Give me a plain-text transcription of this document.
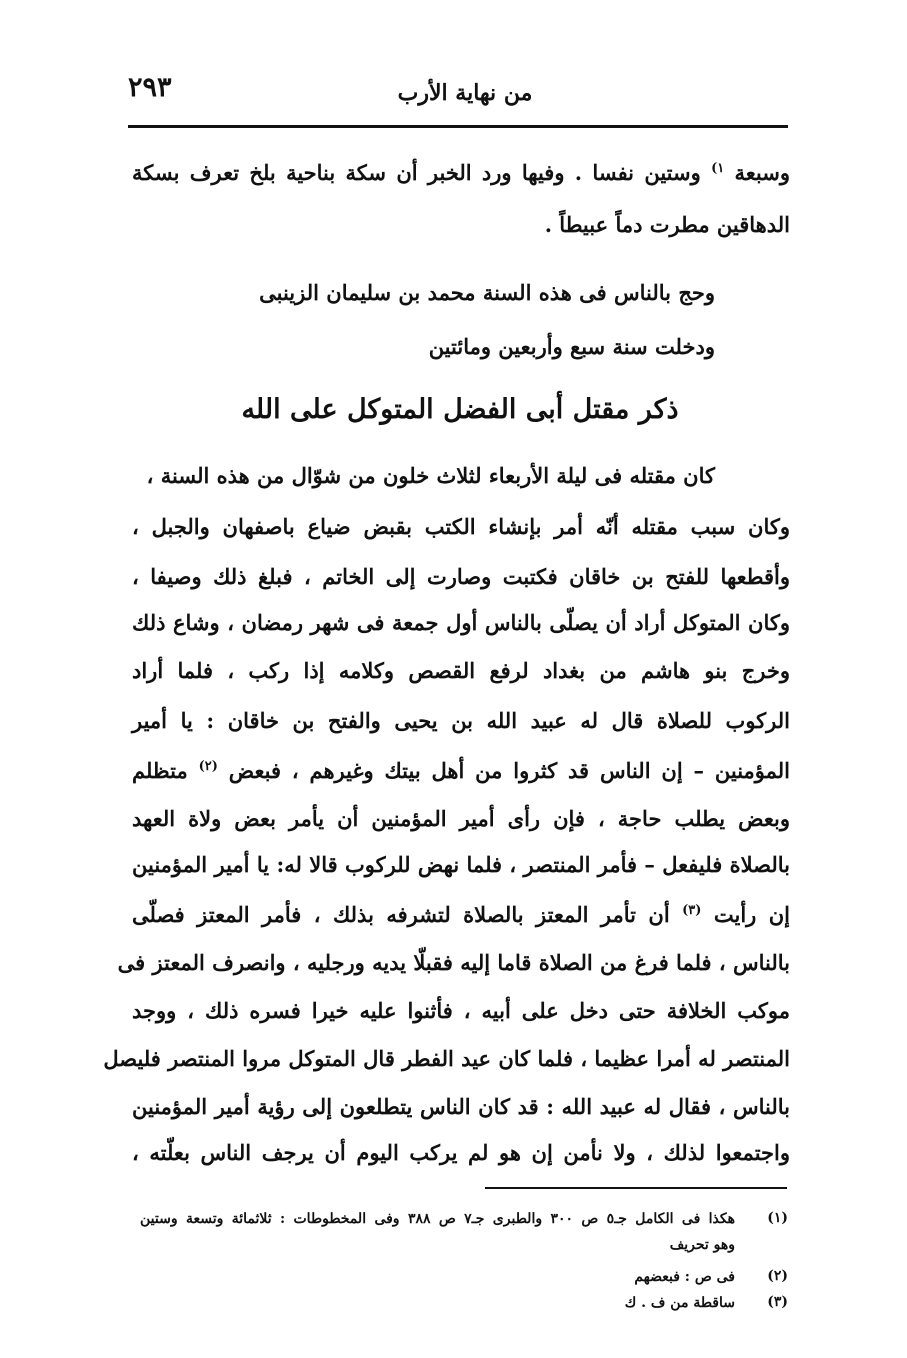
٢٩٣	من نهاية الأرب
وسبعة $^{١)}$ وستين نفسا . وفيها ورد الخبر أن سكة بناحية بلخ تعرف بسكة
الدهاقين مطرت دماً عبيطاً .
وحج بالناس فى هذه السنة محمد بن سليمان الزينبى
ودخلت سنة سبع وأربعين ومائتين
ذكر مقتل أبى الفضل المتوكل على الله
كان مقتله فى ليلة الأربعاء لثلاث خلون من شوّال من هذه السنة ،
وكان سبب مقتله أنّه أمر بإنشاء الكتب بقبض ضياع باصفهان والجبل ،
وأقطعها للفتح بن خاقان فكتبت وصارت إلى الخاتم ، فبلغ ذلك وصيفا ،
وكان المتوكل أراد أن يصلّى بالناس أول جمعة فى شهر رمضان ، وشاع ذلك
وخرج بنو هاشم من بغداد لرفع القصص وكلامه إذا ركب ، فلما أراد
الركوب للصلاة قال له عبيد الله بن يحيى والفتح بن خاقان : يا أمير
المؤمنين – إن الناس قد كثروا من أهل بيتك وغيرهم ، فبعض $^{(٢)}$ متظلم
وبعض يطلب حاجة ، فإن رأى أمير المؤمنين أن يأمر بعض ولاة العهد
بالصلاة فليفعل – فأمر المنتصر ، فلما نهض للركوب قالا له: يا أمير المؤمنين
إن رأيت $^{(٣)}$ أن تأمر المعتز بالصلاة لتشرفه بذلك ، فأمر المعتز فصلّى
بالناس ، فلما فرغ من الصلاة قاما إليه فقبلّا يديه ورجليه ، وانصرف المعتز فى
موكب الخلافة حتى دخل على أبيه ، فأثنوا عليه خيرا فسره ذلك ، ووجد
المنتصر له أمرا عظيما ، فلما كان عيد الفطر قال المتوكل مروا المنتصر فليصل
بالناس ، فقال له عبيد الله : قد كان الناس يتطلعون إلى رؤية أمير المؤمنين
واجتمعوا لذلك ، ولا نأمن إن هو لم يركب اليوم أن يرجف الناس بعلّته ،
(١)
هكذا فى الكامل جـ٥ ص ٣٠٠ والطبرى جـ٧ ص ٣٨٨ وفى المخطوطات : ثلاثمائة وتسعة وستين
وهو تحريف
(٢)
فى ص : فبعضهم
(٣)
ساقطة من ف . ك
